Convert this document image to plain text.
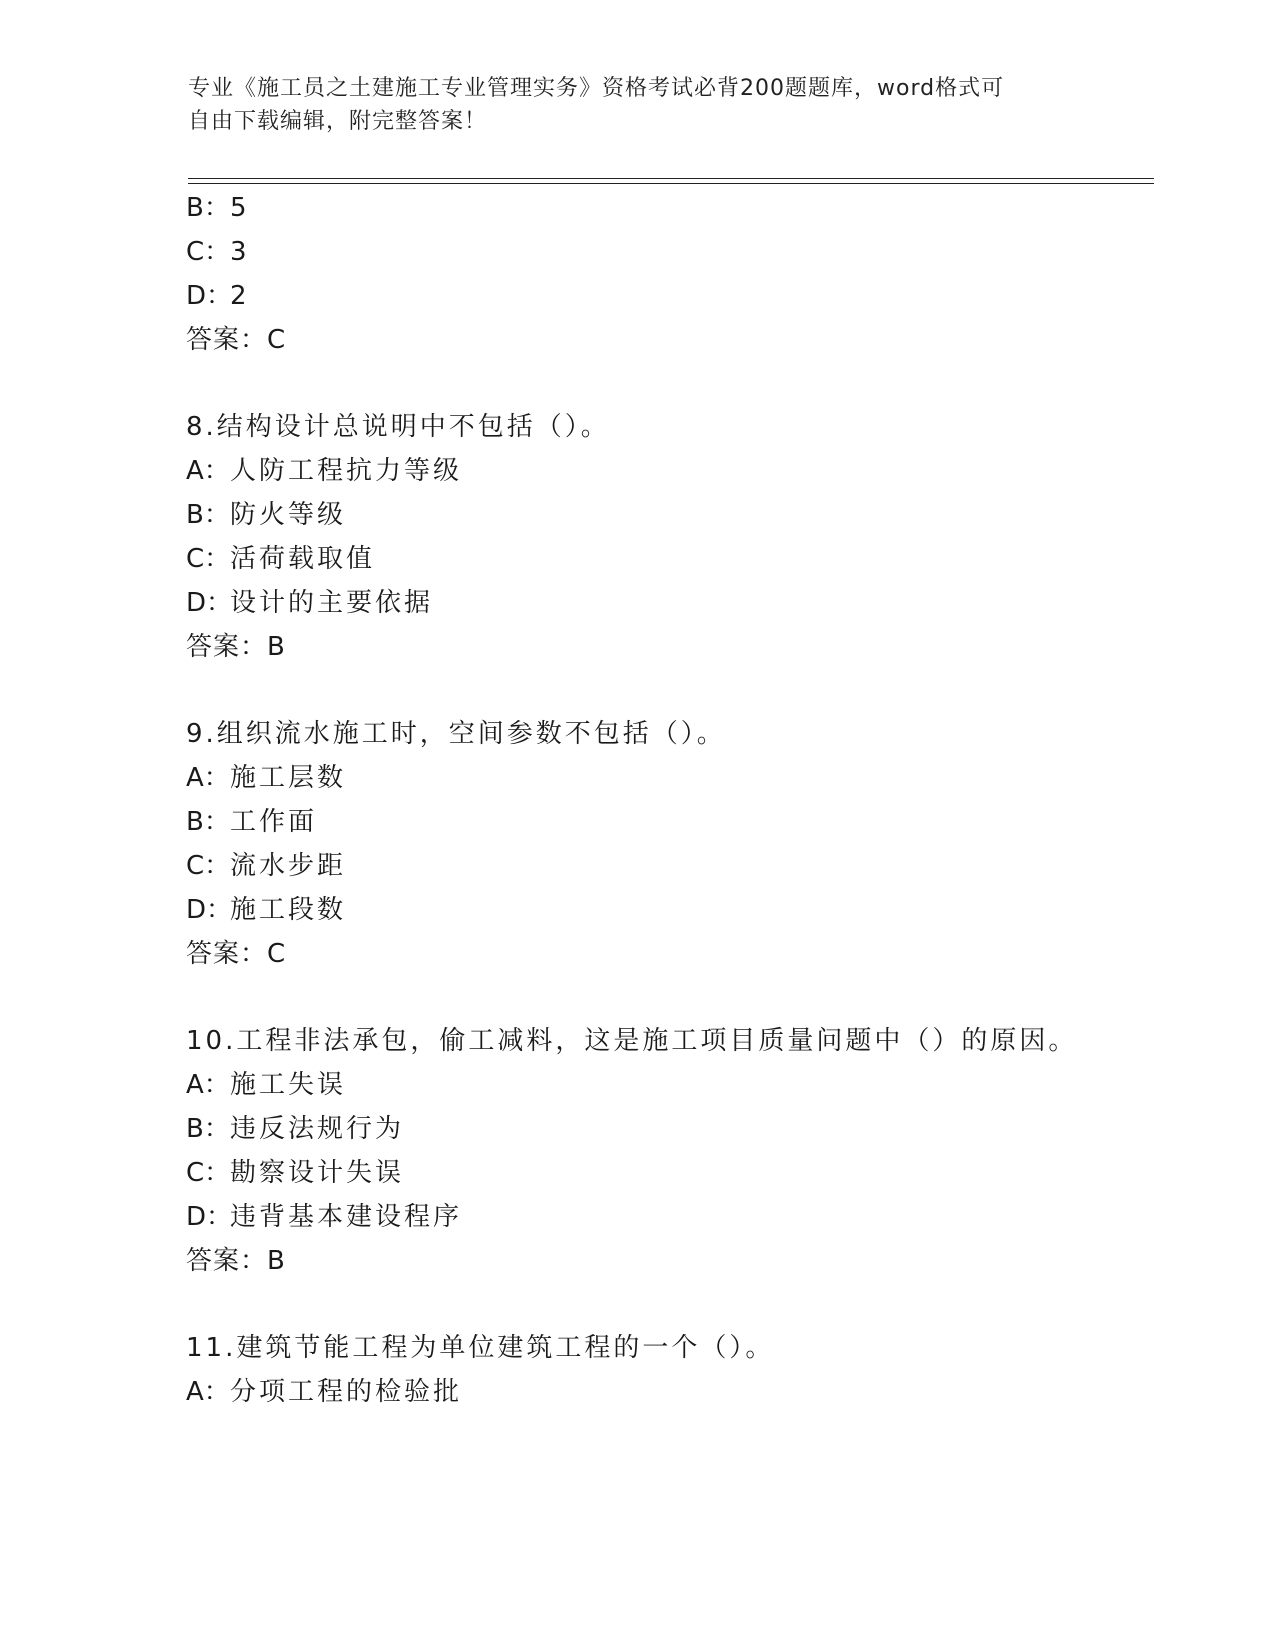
专业《施工员之土建施工专业管理实务》资格考试必背200题题库，word格式可
自由下载编辑，附完整答案！
B：5
C：3
D：2
答案：C
8.结构设计总说明中不包括（）。
A：人防工程抗力等级
B：防火等级
C：活荷载取值
D：设计的主要依据
答案：B
9.组织流水施工时，空间参数不包括（）。
A：施工层数
B：工作面
C：流水步距
D：施工段数
答案：C
10.工程非法承包，偷工减料，这是施工项目质量问题中（）的原因。
A：施工失误
B：违反法规行为
C：勘察设计失误
D：违背基本建设程序
答案：B
11.建筑节能工程为单位建筑工程的一个（）。
A：分项工程的检验批
